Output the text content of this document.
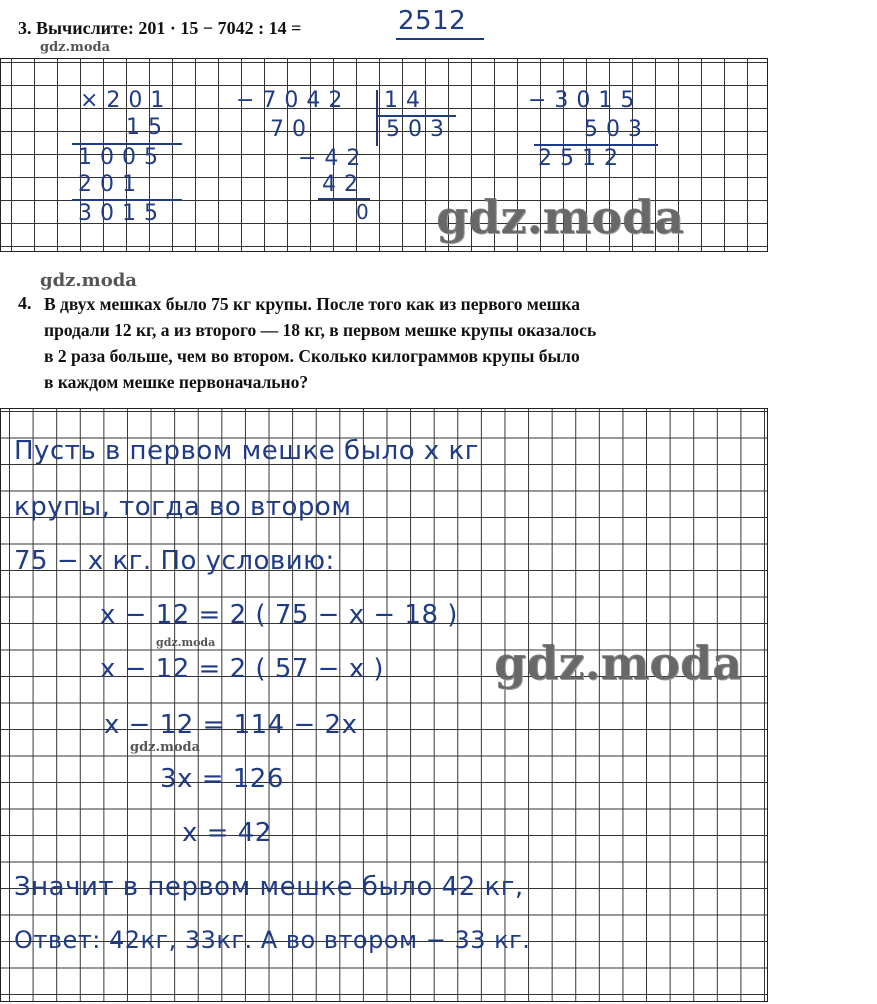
3. Вычислите: 201 · 15 − 7042 : 14 =	2512
gdz.moda
× 2 0 1
1 5
1 0 0 5
2 0 1
3 0 1 5
− 7 0 4 2 1 4
7 0	5 0 3
− 4 2
4 2
0
− 3 0 1 5
5 0 3
2 5 1 2
gdz.moda
gdz.moda
4. В двух мешках было 75 кг крупы. После того как из первого мешка
продали 12 кг, а из второго — 18 кг, в первом мешке крупы оказалось
в 2 раза больше, чем во втором. Сколько килограммов крупы было
в каждом мешке первоначально?
Пусть в первом мешке было x кг
крупы, тогда во втором
75 − x кг. По условию:
x − 12 = 2 ( 75 − x − 18 )
x − 12 = 2 ( 57 − x )
x − 12 = 114 − 2x
3x = 126
x = 42
Значит в первом мешке было 42 кг,
Ответ: 42кг, 33кг. А во втором − 33 кг.
gdz.moda
gdz.moda
gdz.moda
